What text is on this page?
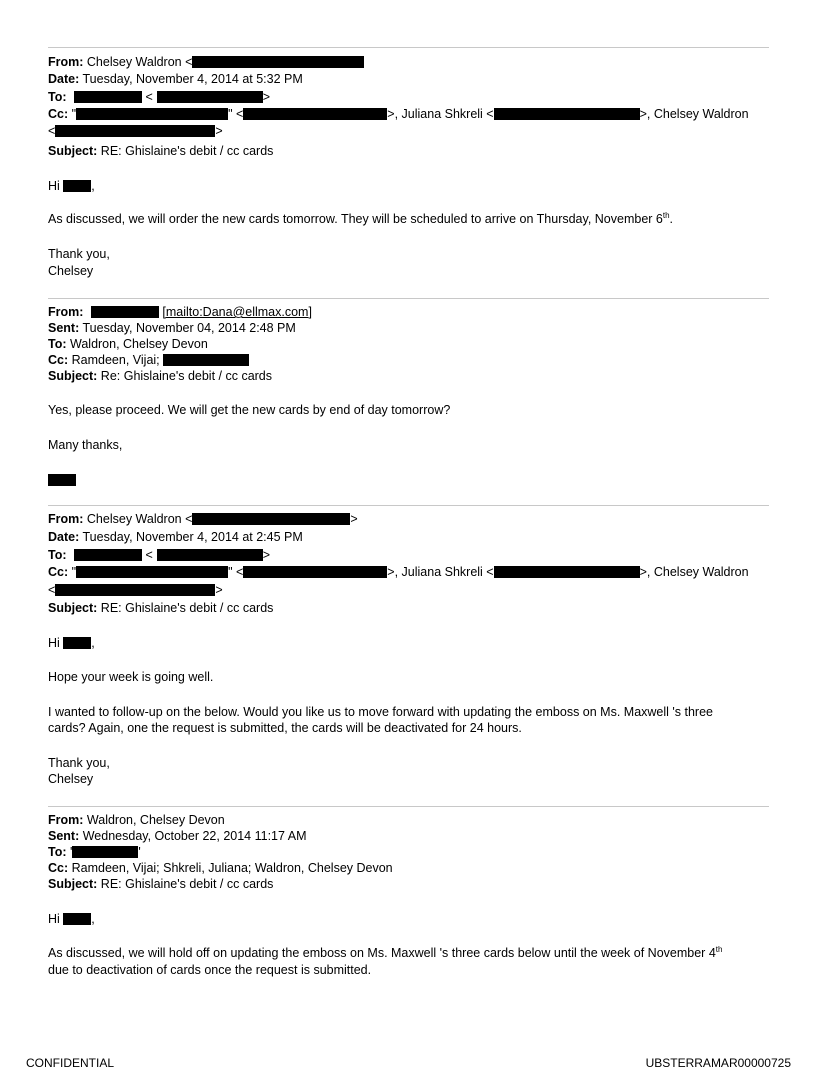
From: Chelsey Waldron <
Date: Tuesday, November 4, 2014 at 5:32 PM
To:	<	>
Cc: "	" <	>, Juliana Shkreli <	>, Chelsey Waldron
<	>
Subject: RE: Ghislaine's debit / cc cards
Hi	,
As discussed, we will order the new cards tomorrow. They will be scheduled to arrive on Thursday, November 6th.
Thank you,
Chelsey
From:	[mailto:Dana@ellmax.com]
Sent: Tuesday, November 04, 2014 2:48 PM
To: Waldron, Chelsey Devon
Cc: Ramdeen, Vijai;
Subject: Re: Ghislaine's debit / cc cards
Yes, please proceed. We will get the new cards by end of day tomorrow?
Many thanks,
From: Chelsey Waldron <	>
Date: Tuesday, November 4, 2014 at 2:45 PM
To:	<	>
Cc: "	" <	>, Juliana Shkreli <	>, Chelsey Waldron
<	>
Subject: RE: Ghislaine's debit / cc cards
Hi	,
Hope your week is going well.
I wanted to follow-up on the below. Would you like us to move forward with updating the emboss on Ms. Maxwell 's three
cards? Again, one the request is submitted, the cards will be deactivated for 24 hours.
Thank you,
Chelsey
From: Waldron, Chelsey Devon
Sent: Wednesday, October 22, 2014 11:17 AM
To: '	'
Cc: Ramdeen, Vijai; Shkreli, Juliana; Waldron, Chelsey Devon
Subject: RE: Ghislaine's debit / cc cards
Hi	,
As discussed, we will hold off on updating the emboss on Ms. Maxwell 's three cards below until the week of November 4th
due to deactivation of cards once the request is submitted.
CONFIDENTIAL	UBSTERRAMAR00000725
